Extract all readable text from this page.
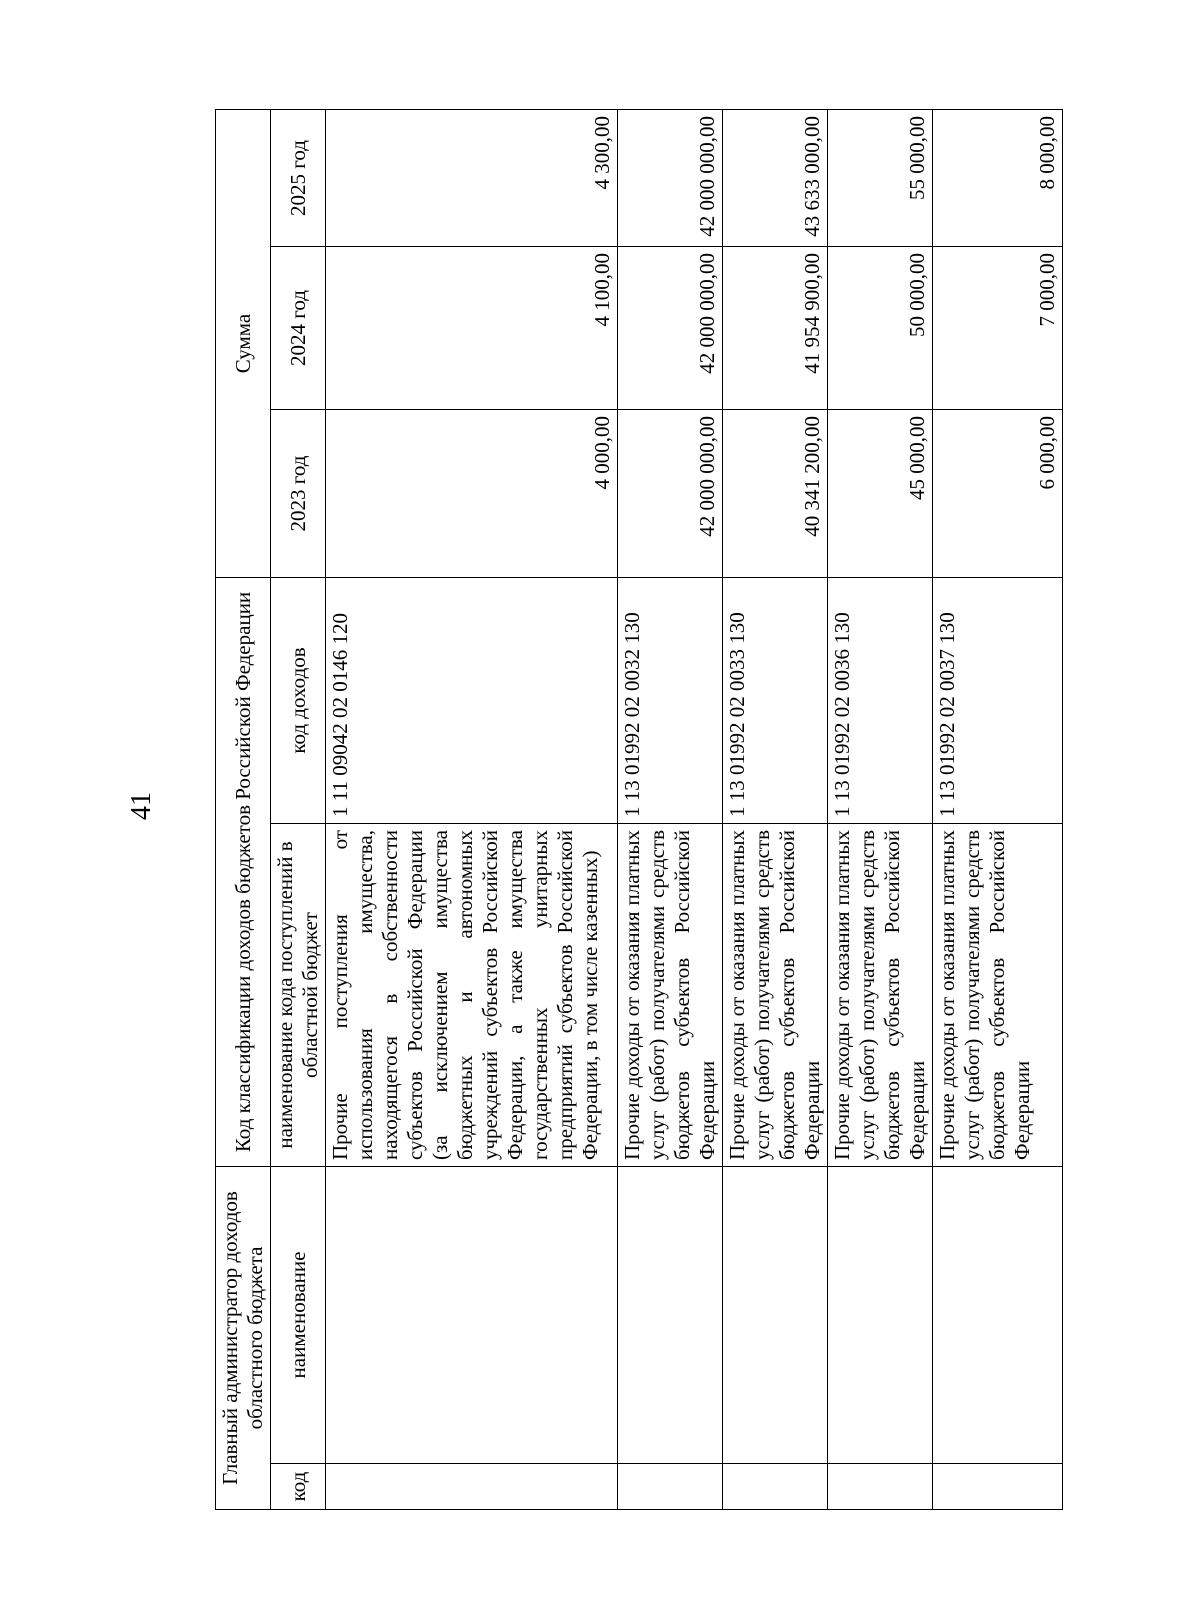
41
Главный администратор доходов областного бюджета		Код классификации доходов бюджетов Российской Федерации		Сумма		
код	наименование	наименование кода поступлений в областной бюджет	код доходов	2023 год	2024 год	2025 год
		Прочие поступления от использования имущества, находящегося в собственности субъектов Российской Федерации (за исключением имущества бюджетных и автономных учреждений субъектов Российской Федерации, а также имущества государственных унитарных предприятий субъектов Российской Федерации, в том числе казенных)	1 11 09042 02 0146 120	4 000,00	4 100,00	4 300,00
		Прочие доходы от оказания платных услуг (работ) получателями средств бюджетов субъектов Российской Федерации	1 13 01992 02 0032 130	42 000 000,00	42 000 000,00	42 000 000,00
		Прочие доходы от оказания платных услуг (работ) получателями средств бюджетов субъектов Российской Федерации	1 13 01992 02 0033 130	40 341 200,00	41 954 900,00	43 633 000,00
		Прочие доходы от оказания платных услуг (работ) получателями средств бюджетов субъектов Российской Федерации	1 13 01992 02 0036 130	45 000,00	50 000,00	55 000,00
		Прочие доходы от оказания платных услуг (работ) получателями средств бюджетов субъектов Российской Федерации	1 13 01992 02 0037 130	6 000,00	7 000,00	8 000,00
